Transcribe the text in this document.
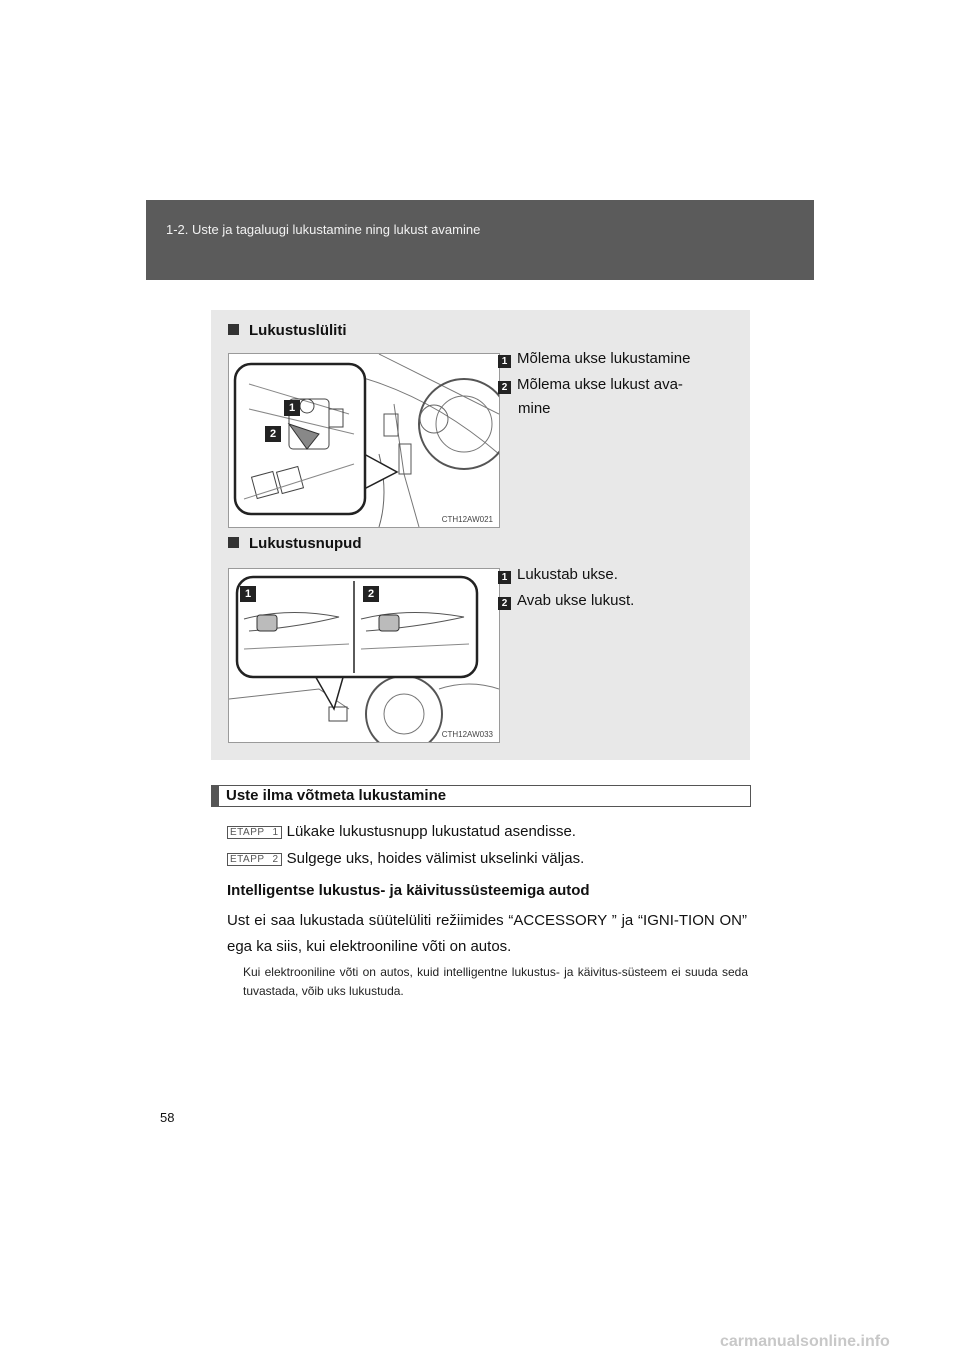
1-2. Uste ja tagaluugi lukustamine ning lukust avamine
Lukustuslüliti
1
2
CTH12AW021
1 Mõlema ukse lukustamine
2 Mõlema ukse lukust ava-
mine
Lukustusnupud
1	2
CTH12AW033
1 Lukustab ukse.
2 Avab ukse lukust.
Uste ilma võtmeta lukustamine
ETAPP 1 Lükake lukustusnupp lukustatud asendisse.
ETAPP 2 Sulgege uks, hoides välimist ukselinki väljas.
Intelligentse lukustus- ja käivitussüsteemiga autod
Ust ei saa lukustada süütelüliti režiimides “ACCESSORY ” ja “IGNI-TION ON” ega ka siis, kui elektrooniline võti on autos.
Kui elektrooniline võti on autos, kuid intelligentne lukustus- ja käivitus-süsteem ei suuda seda tuvastada, võib uks lukustuda.
58
carmanualsonline.info
